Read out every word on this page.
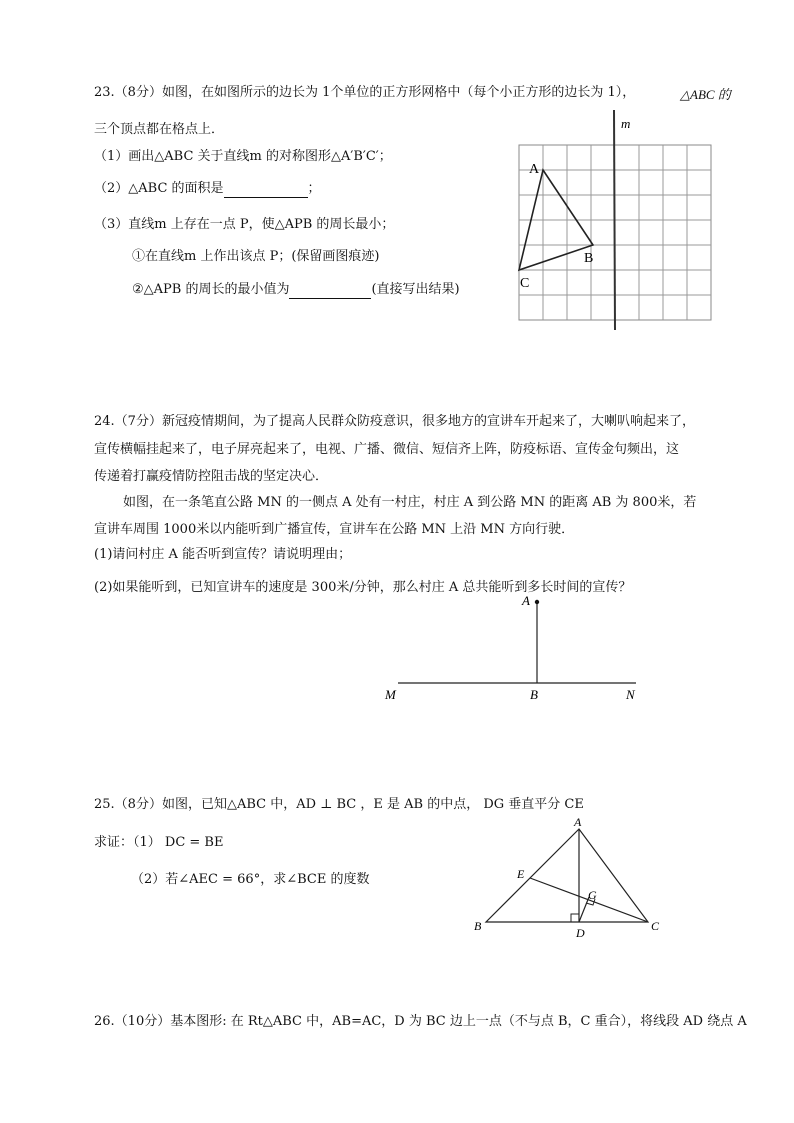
23.（8分）如图，在如图所示的边长为 1个单位的正方形网格中（每个小正方形的边长为 1），	△ABC 的
三个顶点都在格点上．
（1）画出△ABC 关于直线m 的对称图形△A′B′C′；
（2）△ABC 的面积是	；
（3）直线m 上存在一点 P，使△APB 的周长最小；
①在直线m 上作出该点 P；(保留画图痕迹)
②△APB 的周长的最小值为	(直接写出结果)
m
A
B
C
24.（7分）新冠疫情期间，为了提高人民群众防疫意识，很多地方的宣讲车开起来了，大喇叭响起来了，
宣传横幅挂起来了，电子屏亮起来了，电视、广播、微信、短信齐上阵，防疫标语、宣传金句频出，这
传递着打赢疫情防控阻击战的坚定决心．
如图，在一条笔直公路 MN 的一侧点 A 处有一村庄，村庄 A 到公路 MN 的距离 AB 为 800米，若
宣讲车周围 1000米以内能听到广播宣传，宣讲车在公路 MN 上沿 MN 方向行驶．
(1)请问村庄 A 能否听到宣传？请说明理由；
(2)如果能听到，已知宣讲车的速度是 300米/分钟，那么村庄 A 总共能听到多长时间的宣传？
A
B
M	N
25.（8分）如图，已知△ABC 中，AD ⊥ BC ，E 是 AB 的中点， DG 垂直平分 CE
求证：（1） DC = BE
（2）若∠AEC = 66°，求∠BCE 的度数
A
B	C
D
E
G
26.（10分）基本图形: 在 Rt△ABC 中，AB=AC，D 为 BC 边上一点（不与点 B，C 重合），将线段 AD 绕点 A
